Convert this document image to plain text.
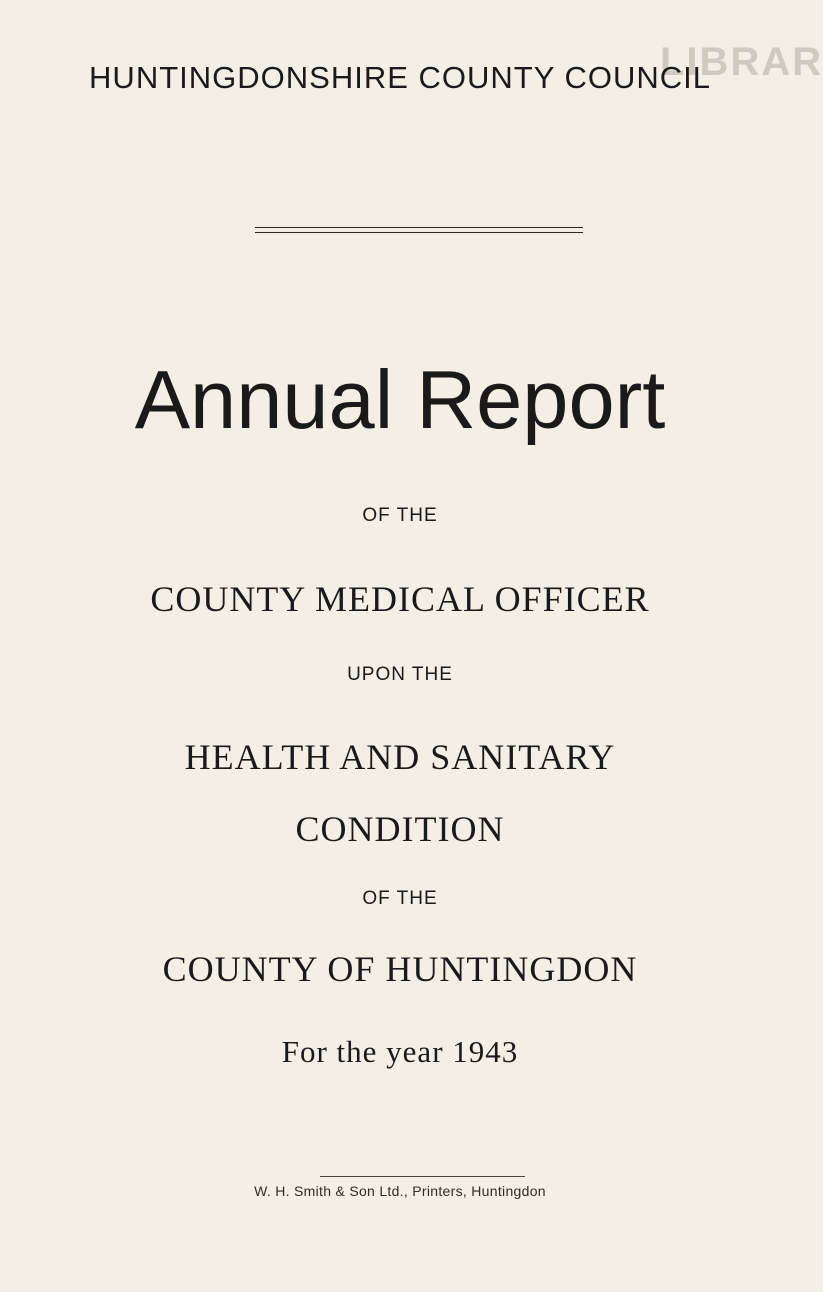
LIBRAR
HUNTINGDONSHIRE COUNTY COUNCIL
Annual Report
OF THE
COUNTY MEDICAL OFFICER
UPON THE
HEALTH AND SANITARY
CONDITION
OF THE
COUNTY OF HUNTINGDON
For the year 1943
W. H. Smith & Son Ltd., Printers, Huntingdon
